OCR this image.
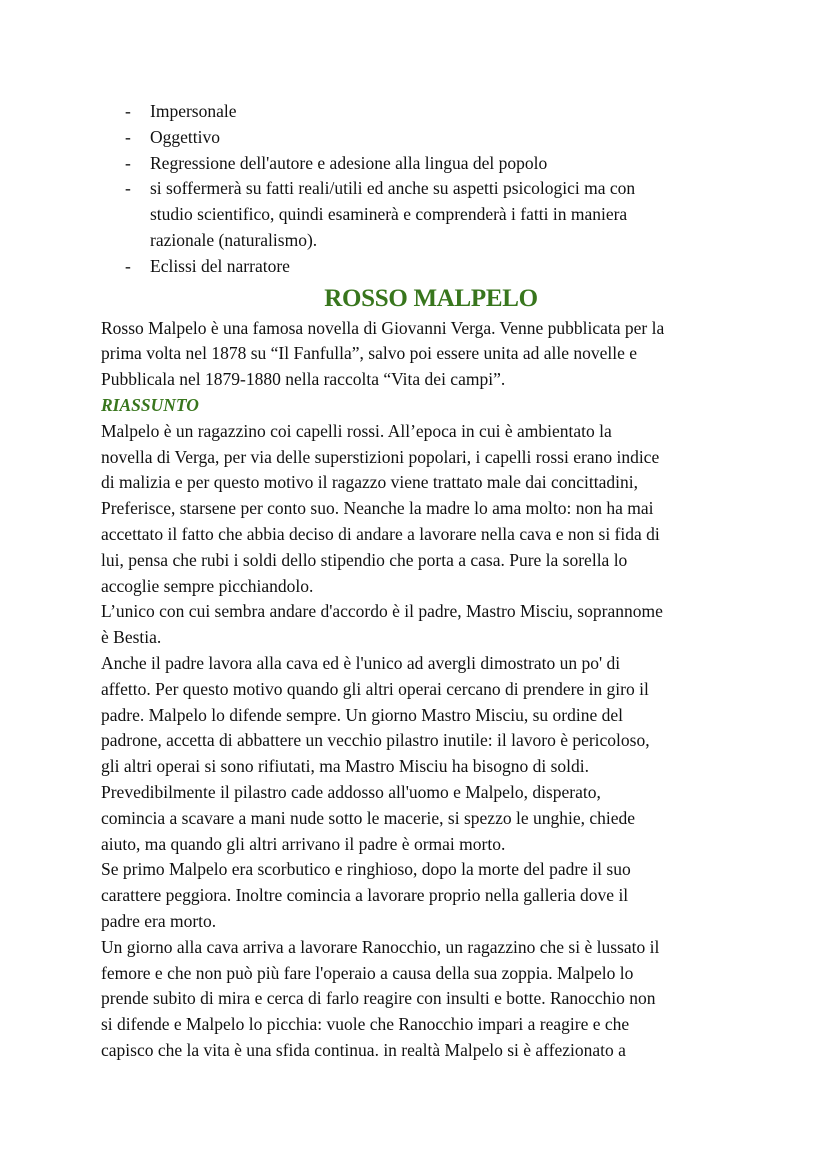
- Impersonale
- Oggettivo
- Regressione dell'autore e adesione alla lingua del popolo
- si soffermerà su fatti reali/utili ed anche su aspetti psicologici ma con
studio scientifico, quindi esaminerà e comprenderà i fatti in maniera
razionale (naturalismo).
- Eclissi del narratore
ROSSO MALPELO

Rosso Malpelo è una famosa novella di Giovanni Verga. Venne pubblicata per la
prima volta nel 1878 su “Il Fanfulla”, salvo poi essere unita ad alle novelle e
Pubblicala nel 1879-1880 nella raccolta “Vita dei campi”.

RIASSUNTO

Malpelo è un ragazzino coi capelli rossi. All’epoca in cui è ambientato la
novella di Verga, per via delle superstizioni popolari, i capelli rossi erano indice
di malizia e per questo motivo il ragazzo viene trattato male dai concittadini,
Preferisce, starsene per conto suo. Neanche la madre lo ama molto: non ha mai
accettato il fatto che abbia deciso di andare a lavorare nella cava e non si fida di
lui, pensa che rubi i soldi dello stipendio che porta a casa. Pure la sorella lo
accoglie sempre picchiandolo.
L’unico con cui sembra andare d'accordo è il padre, Mastro Misciu, soprannome
è Bestia.
Anche il padre lavora alla cava ed è l'unico ad avergli dimostrato un po' di
affetto. Per questo motivo quando gli altri operai cercano di prendere in giro il
padre. Malpelo lo difende sempre. Un giorno Mastro Misciu, su ordine del
padrone, accetta di abbattere un vecchio pilastro inutile: il lavoro è pericoloso,
gli altri operai si sono rifiutati, ma Mastro Misciu ha bisogno di soldi.
Prevedibilmente il pilastro cade addosso all'uomo e Malpelo, disperato,
comincia a scavare a mani nude sotto le macerie, si spezzo le unghie, chiede
aiuto, ma quando gli altri arrivano il padre è ormai morto.
Se primo Malpelo era scorbutico e ringhioso, dopo la morte del padre il suo
carattere peggiora. Inoltre comincia a lavorare proprio nella galleria dove il
padre era morto.
Un giorno alla cava arriva a lavorare Ranocchio, un ragazzino che si è lussato il
femore e che non può più fare l'operaio a causa della sua zoppia. Malpelo lo
prende subito di mira e cerca di farlo reagire con insulti e botte. Ranocchio non
si difende e Malpelo lo picchia: vuole che Ranocchio impari a reagire e che
capisco che la vita è una sfida continua. in realtà Malpelo si è affezionato a
